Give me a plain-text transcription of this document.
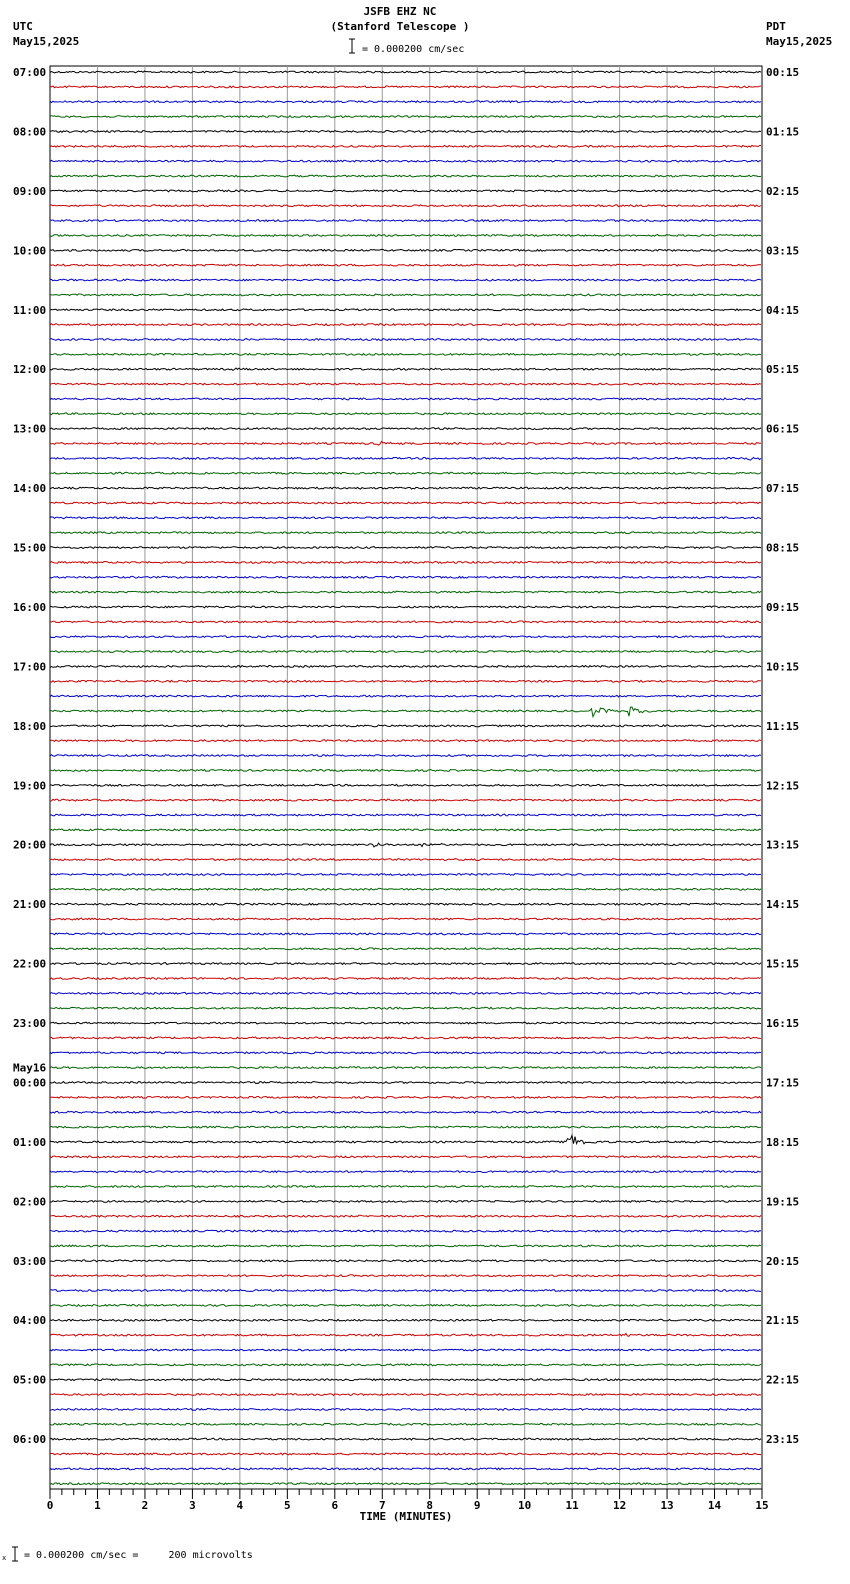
JSFB EHZ NC
(Stanford Telescope )
UTC
May15,2025
PDT
May15,2025
= 0.000200 cm/sec
= 0.000200 cm/sec =     200 microvolts
x
07:00
08:00
09:00
10:00
11:00
12:00
13:00
14:00
15:00
16:00
17:00
18:00
19:00
20:00
21:00
22:00
23:00
00:00
May16
01:00
02:00
03:00
04:00
05:00
06:00
00:15
01:15
02:15
03:15
04:15
05:15
06:15
07:15
08:15
09:15
10:15
11:15
12:15
13:15
14:15
15:15
16:15
17:15
18:15
19:15
20:15
21:15
22:15
23:15
0	1	2	3	4	5	6	7	8	9	10	11	12	13	14	15
TIME (MINUTES)
